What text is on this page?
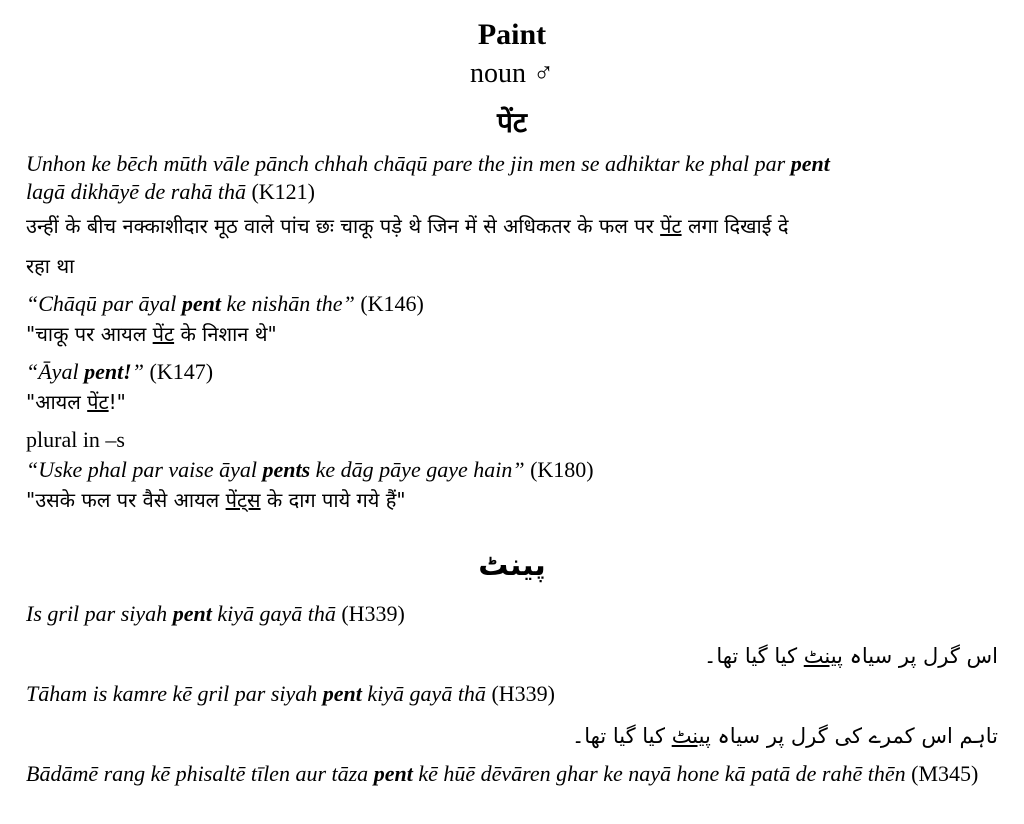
Paint
noun ♂
पेंट
Unhon ke bēch mūth vāle pānch chhah chāqū pare the jin men se adhiktar ke phal par pent
lagā dikhāyē de rahā thā (K121)
उन्हीं के बीच नक्काशीदार मूठ वाले पांच छः चाकू पड़े थे जिन में से अधिकतर के फल पर पेंट लगा दिखाई दे
रहा था
“Chāqū par āyal pent ke nishān the” (K146)
"चाकू पर आयल पेंट के निशान थे"
“Āyal pent!” (K147)
"आयल पेंट!"
plural in –s
“Uske phal par vaise āyal pents ke dāg pāye gaye hain” (K180)
"उसके फल पर वैसे आयल पेंट्स के दाग पाये गये हैं"
پینٹ
Is gril par siyah pent kiyā gayā thā (H339)
اس گرل پر سیاہ پینٹ کیا گیا تھا۔
Tāham is kamre kē gril par siyah pent kiyā gayā thā (H339)
تاہم اس کمرے کی گرل پر سیاہ پینٹ کیا گیا تھا۔
Bādāmē rang kē phisaltē tīlen aur tāza pent kē hūē dēvāren ghar ke nayā hone kā patā de rahē thēn (M345)
